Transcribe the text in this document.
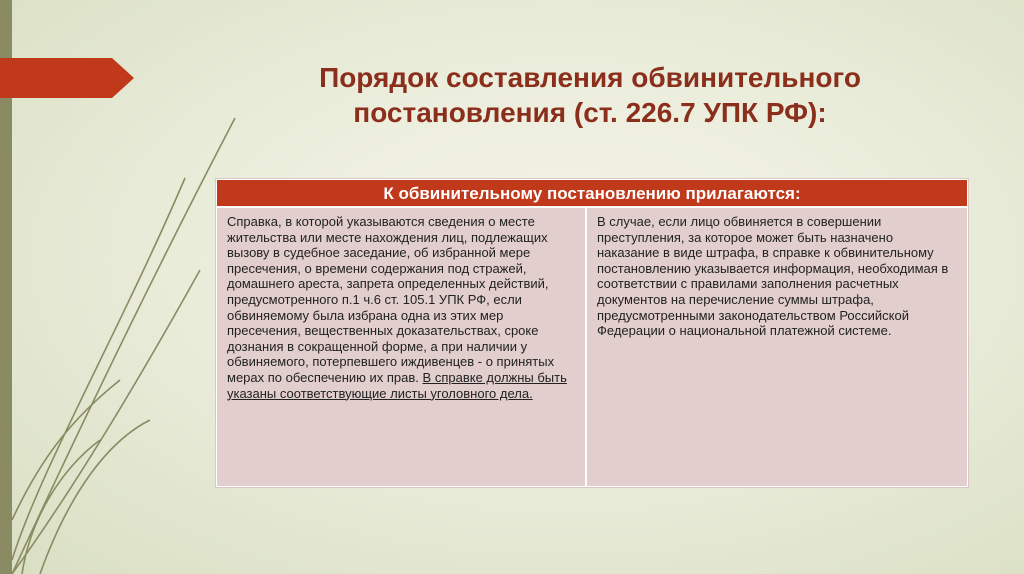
Порядок составления обвинительного постановления (ст. 226.7 УПК РФ):
К обвинительному постановлению прилагаются:
Справка, в которой указываются сведения о месте жительства или месте нахождения лиц, подлежащих вызову в судебное заседание, об избранной мере пресечения, о времени содержания под стражей, домашнего ареста, запрета определенных действий, предусмотренного п.1 ч.6 ст. 105.1 УПК РФ, если обвиняемому была избрана одна из этих мер пресечения, вещественных доказательствах, сроке дознания в сокращенной форме, а при наличии у обвиняемого, потерпевшего иждивенцев - о принятых мерах по обеспечению их прав. В справке должны быть указаны соответствующие листы уголовного дела.
В случае, если лицо обвиняется в совершении преступления, за которое может быть назначено наказание в виде штрафа, в справке к обвинительному постановлению указывается информация, необходимая в соответствии с правилами заполнения расчетных документов на перечисление суммы штрафа, предусмотренными законодательством Российской Федерации о национальной платежной системе.
